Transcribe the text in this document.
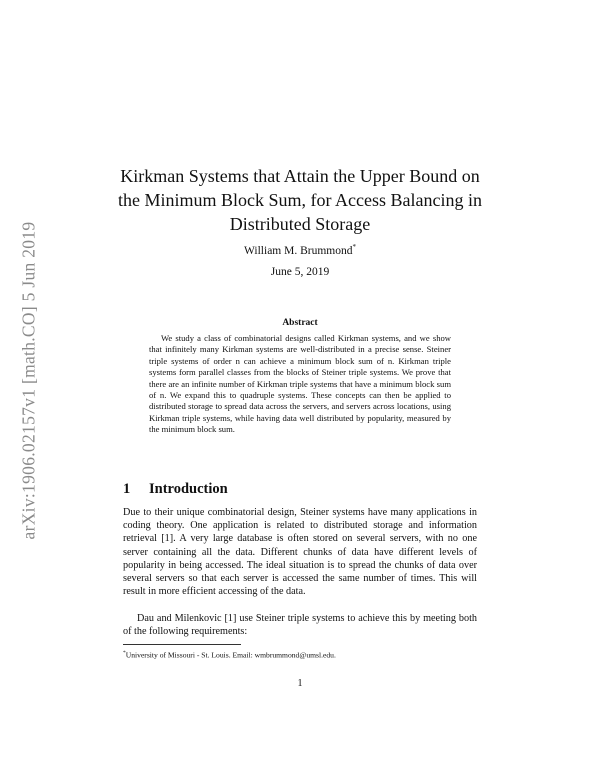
arXiv:1906.02157v1 [math.CO] 5 Jun 2019
Kirkman Systems that Attain the Upper Bound on the Minimum Block Sum, for Access Balancing in Distributed Storage
William M. Brummond*
June 5, 2019
Abstract
We study a class of combinatorial designs called Kirkman systems, and we show that infinitely many Kirkman systems are well-distributed in a precise sense. Steiner triple systems of order n can achieve a minimum block sum of n. Kirkman triple systems form parallel classes from the blocks of Steiner triple systems. We prove that there are an infinite number of Kirkman triple systems that have a minimum block sum of n. We expand this to quadruple systems. These concepts can then be applied to distributed storage to spread data across the servers, and servers across locations, using Kirkman triple systems, while having data well distributed by popularity, measured by the minimum block sum.
1 Introduction
Due to their unique combinatorial design, Steiner systems have many applications in coding theory. One application is related to distributed storage and information retrieval [1]. A very large database is often stored on several servers, with no one server containing all the data. Different chunks of data have different levels of popularity in being accessed. The ideal situation is to spread the chunks of data over several servers so that each server is accessed the same number of times. This will result in more efficient accessing of the data.
Dau and Milenkovic [1] use Steiner triple systems to achieve this by meeting both of the following requirements:
*University of Missouri - St. Louis. Email: wmbrummond@umsl.edu.
1
